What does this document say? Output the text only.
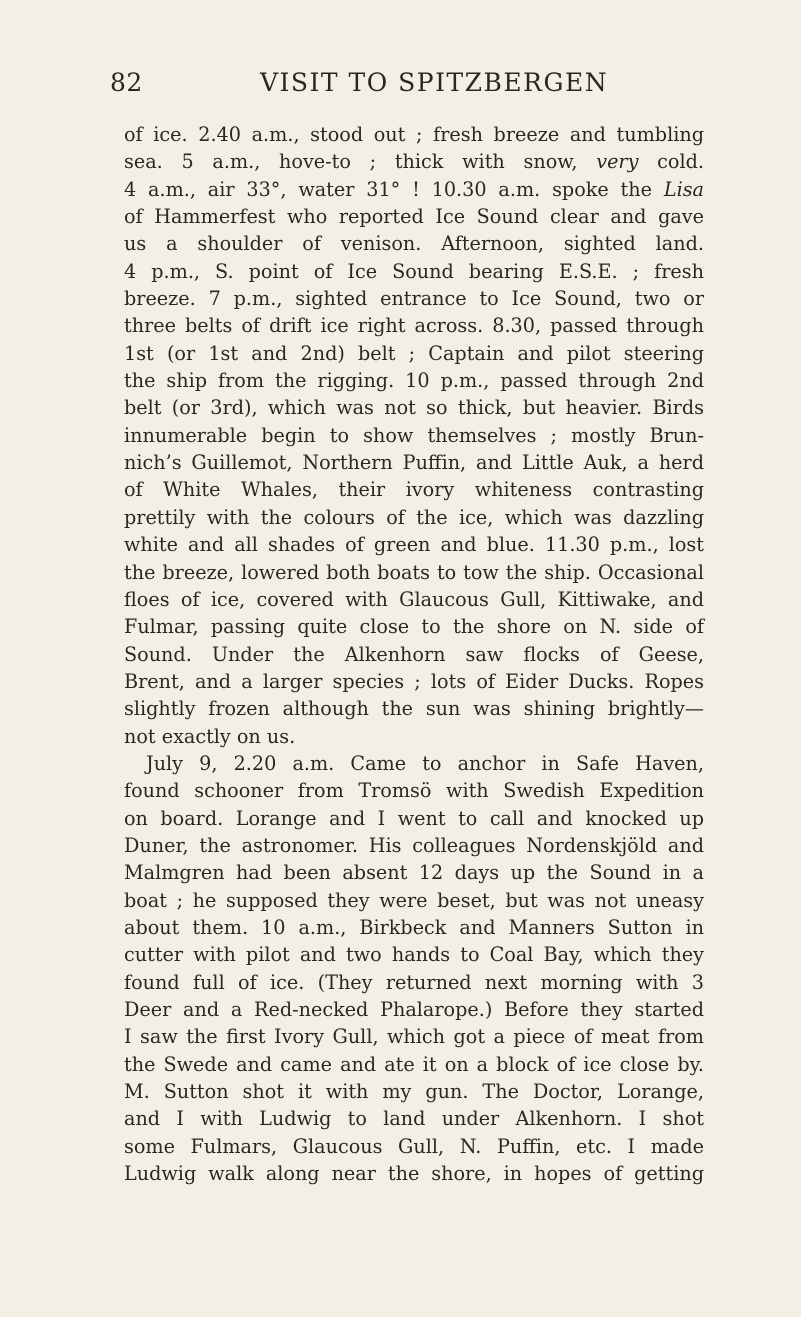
82	VISIT TO SPITZBERGEN
of ice. 2.40 a.m., stood out ; fresh breeze and tumbling
sea. 5 a.m., hove-to ; thick with snow, very cold.
4 a.m., air 33°, water 31° ! 10.30 a.m. spoke the Lisa
of Hammerfest who reported Ice Sound clear and gave
us a shoulder of venison. Afternoon, sighted land.
4 p.m., S. point of Ice Sound bearing E.S.E. ; fresh
breeze. 7 p.m., sighted entrance to Ice Sound, two or
three belts of drift ice right across. 8.30, passed through
1st (or 1st and 2nd) belt ; Captain and pilot steering
the ship from the rigging. 10 p.m., passed through 2nd
belt (or 3rd), which was not so thick, but heavier. Birds
innumerable begin to show themselves ; mostly Brun-
nich’s Guillemot, Northern Puffin, and Little Auk, a herd
of White Whales, their ivory whiteness contrasting
prettily with the colours of the ice, which was dazzling
white and all shades of green and blue. 11.30 p.m., lost
the breeze, lowered both boats to tow the ship. Occasional
floes of ice, covered with Glaucous Gull, Kittiwake, and
Fulmar, passing quite close to the shore on N. side of
Sound. Under the Alkenhorn saw flocks of Geese,
Brent, and a larger species ; lots of Eider Ducks. Ropes
slightly frozen although the sun was shining brightly—
not exactly on us.
July 9, 2.20 a.m. Came to anchor in Safe Haven,
found schooner from Tromsö with Swedish Expedition
on board. Lorange and I went to call and knocked up
Duner, the astronomer. His colleagues Nordenskjöld and
Malmgren had been absent 12 days up the Sound in a
boat ; he supposed they were beset, but was not uneasy
about them. 10 a.m., Birkbeck and Manners Sutton in
cutter with pilot and two hands to Coal Bay, which they
found full of ice. (They returned next morning with 3
Deer and a Red-necked Phalarope.) Before they started
I saw the first Ivory Gull, which got a piece of meat from
the Swede and came and ate it on a block of ice close by.
M. Sutton shot it with my gun. The Doctor, Lorange,
and I with Ludwig to land under Alkenhorn. I shot
some Fulmars, Glaucous Gull, N. Puffin, etc. I made
Ludwig walk along near the shore, in hopes of getting
